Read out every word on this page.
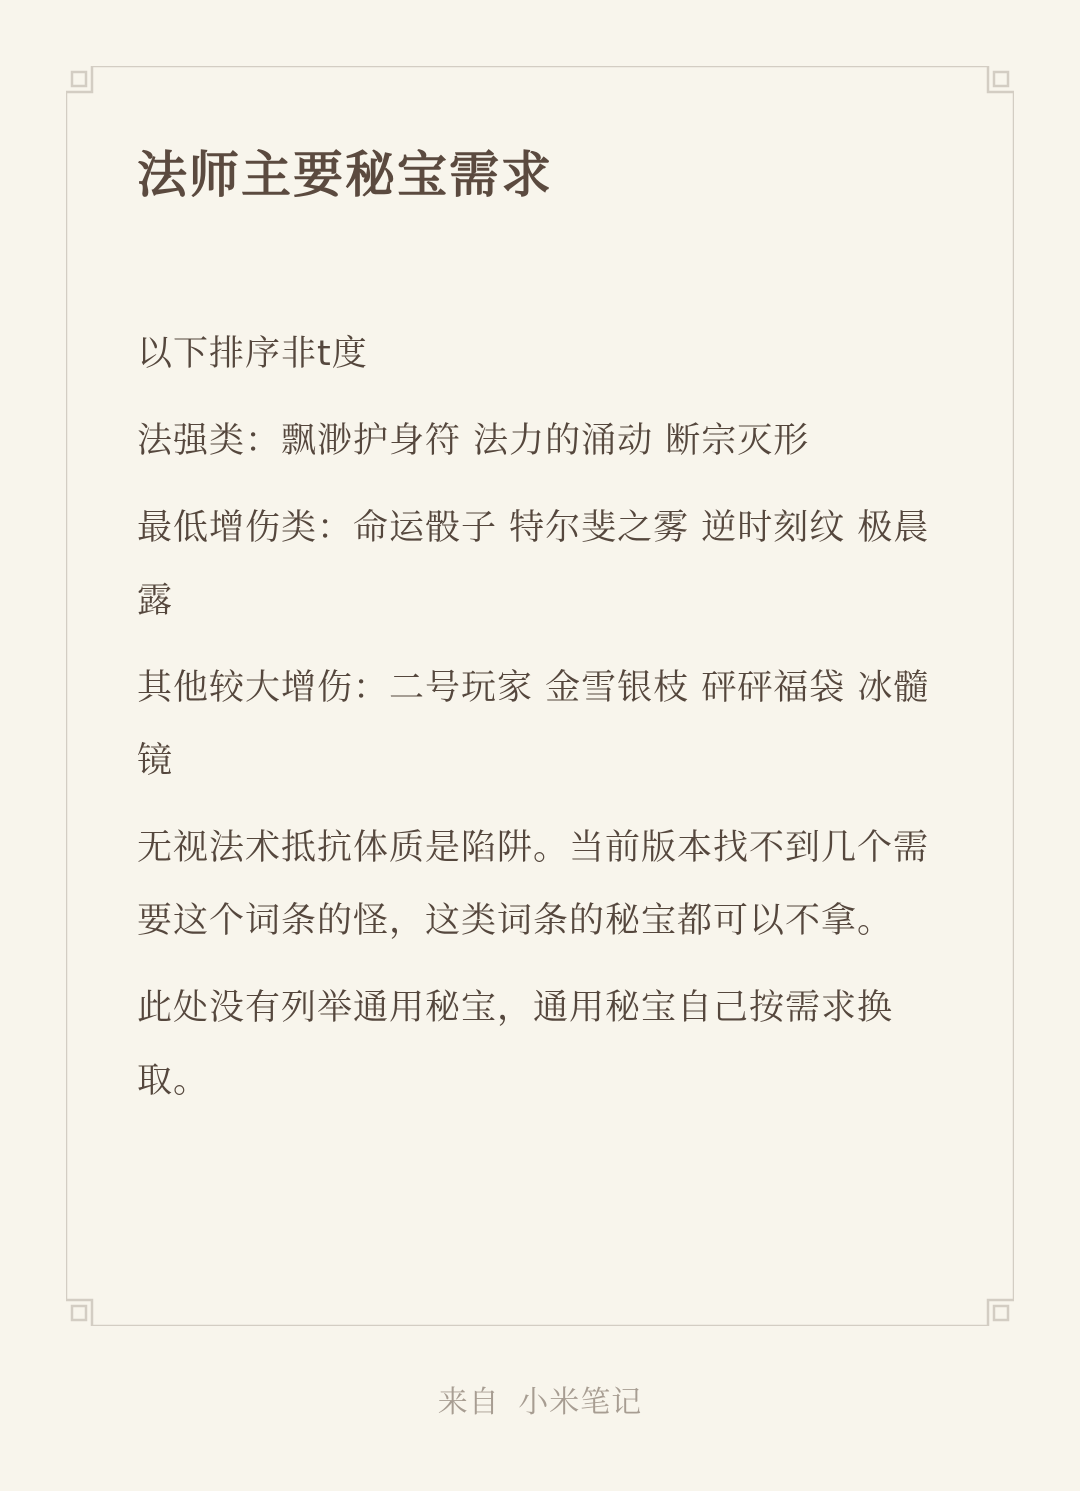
法师主要秘宝需求

以下排序非t度

法强类：飘渺护身符 法力的涌动 断宗灭形

最低增伤类：命运骰子 特尔斐之雾 逆时刻纹 极晨露

其他较大增伤：二号玩家 金雪银枝 砰砰福袋 冰髓镜

无视法术抵抗体质是陷阱。当前版本找不到几个需要这个词条的怪，这类词条的秘宝都可以不拿。

此处没有列举通用秘宝，通用秘宝自己按需求换取。

来自 小米笔记
